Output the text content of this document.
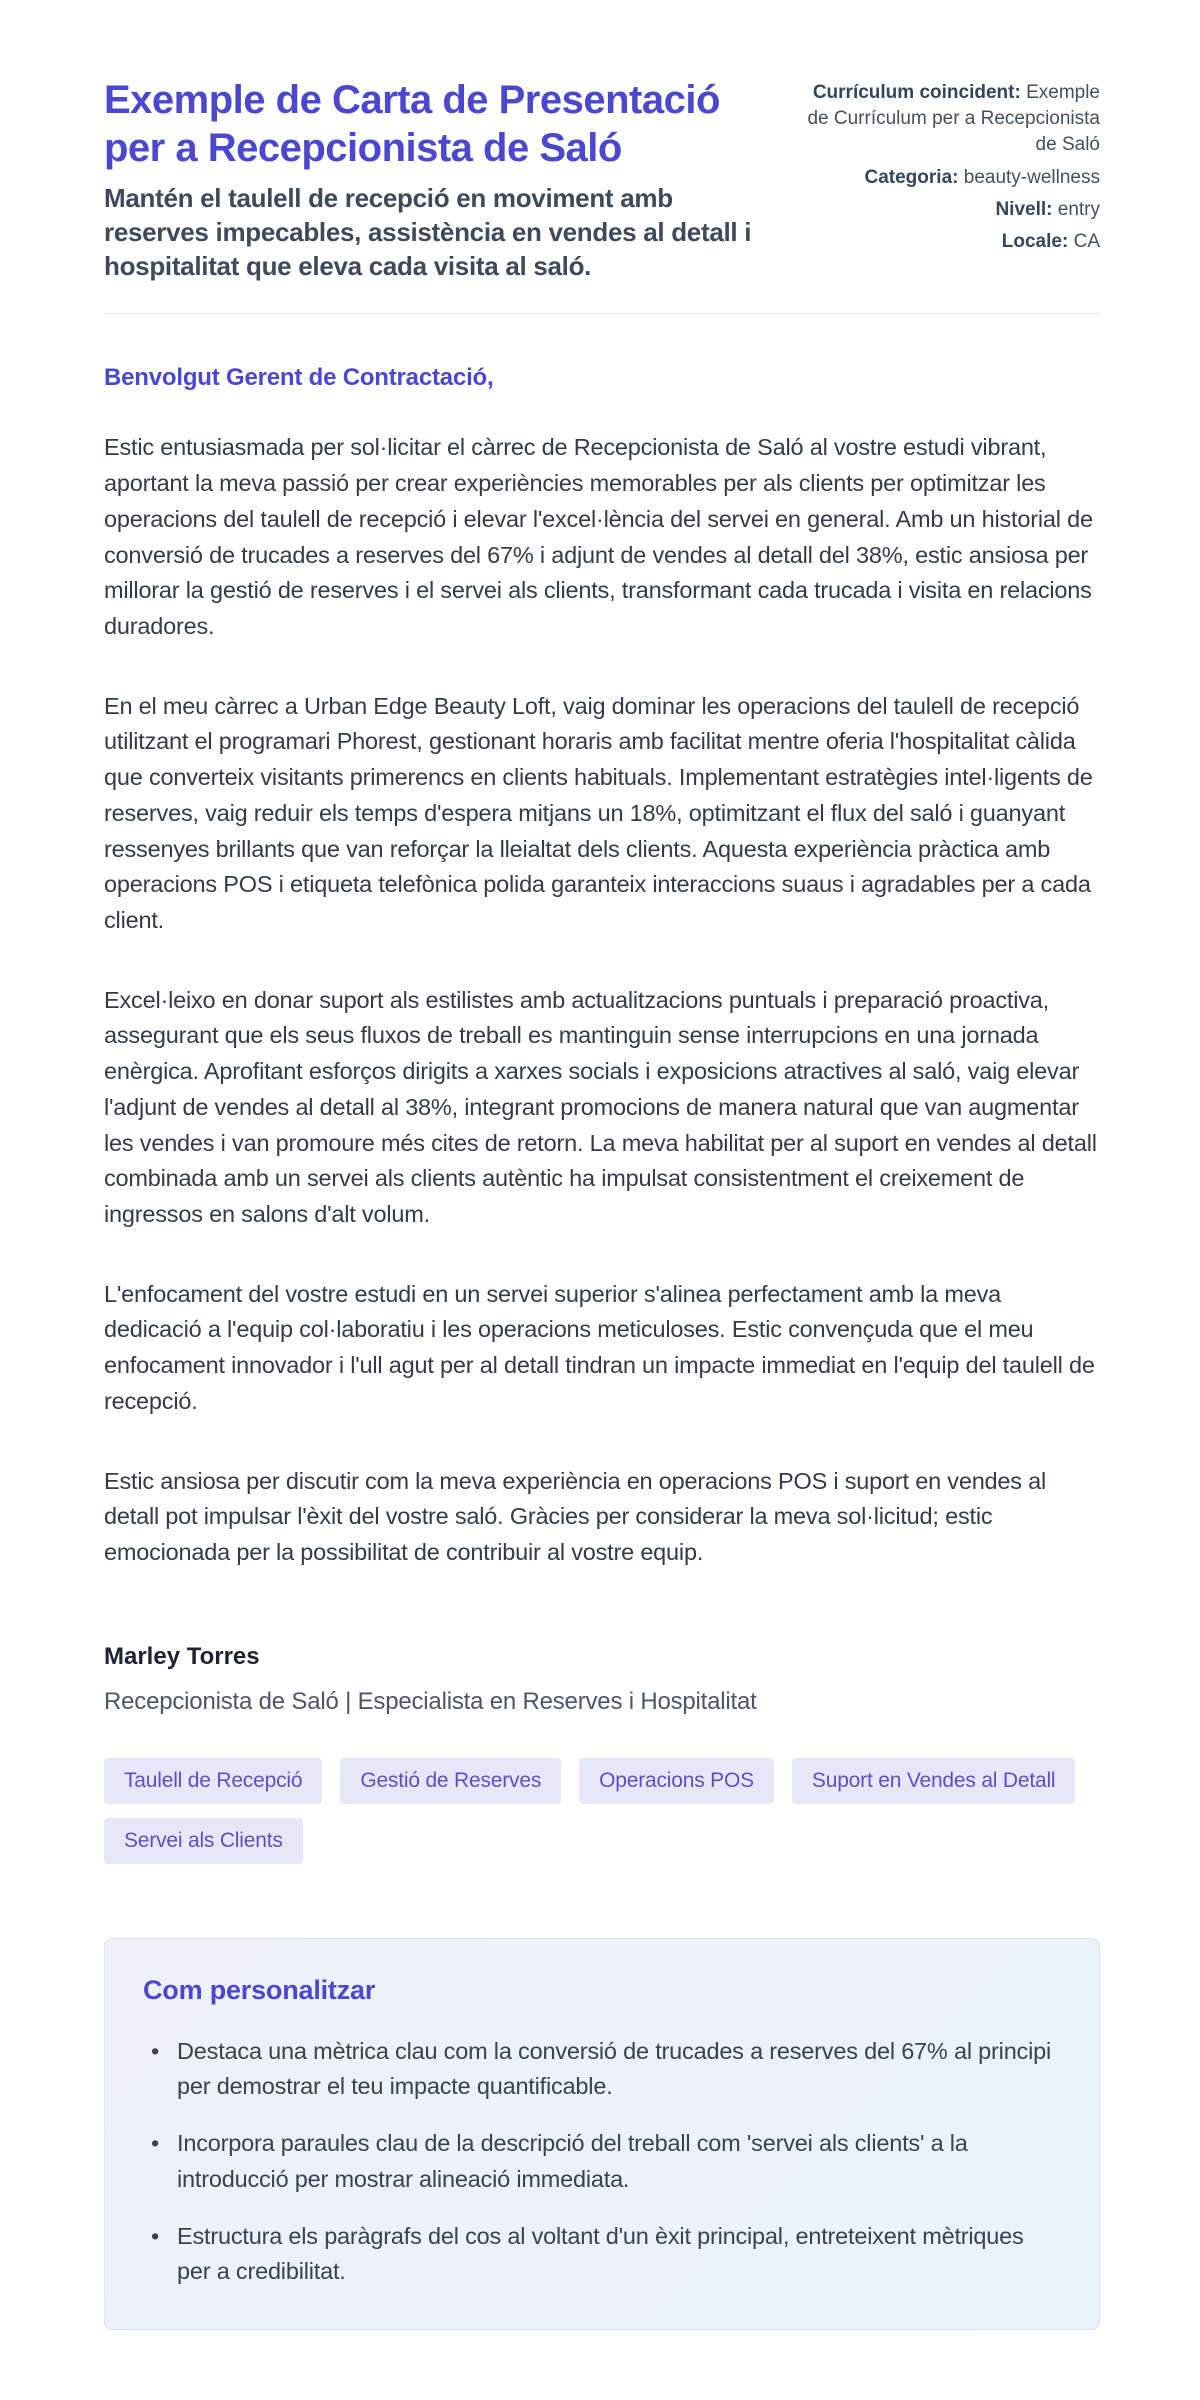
Exemple de Carta de Presentació per a Recepcionista de Saló
Mantén el taulell de recepció en moviment amb reserves impecables, assistència en vendes al detall i hospitalitat que eleva cada visita al saló.
Currículum coincident: Exemple de Currículum per a Recepcionista de Saló
Categoria: beauty-wellness
Nivell: entry
Locale: CA

Benvolgut Gerent de Contractació,

Estic entusiasmada per sol·licitar el càrrec de Recepcionista de Saló al vostre estudi vibrant, aportant la meva passió per crear experiències memorables per als clients per optimitzar les operacions del taulell de recepció i elevar l'excel·lència del servei en general. Amb un historial de conversió de trucades a reserves del 67% i adjunt de vendes al detall del 38%, estic ansiosa per millorar la gestió de reserves i el servei als clients, transformant cada trucada i visita en relacions duradores.

En el meu càrrec a Urban Edge Beauty Loft, vaig dominar les operacions del taulell de recepció utilitzant el programari Phorest, gestionant horaris amb facilitat mentre oferia l'hospitalitat càlida que converteix visitants primerencs en clients habituals. Implementant estratègies intel·ligents de reserves, vaig reduir els temps d'espera mitjans un 18%, optimitzant el flux del saló i guanyant ressenyes brillants que van reforçar la lleialtat dels clients. Aquesta experiència pràctica amb operacions POS i etiqueta telefònica polida garanteix interaccions suaus i agradables per a cada client.

Excel·leixo en donar suport als estilistes amb actualitzacions puntuals i preparació proactiva, assegurant que els seus fluxos de treball es mantinguin sense interrupcions en una jornada enèrgica. Aprofitant esforços dirigits a xarxes socials i exposicions atractives al saló, vaig elevar l'adjunt de vendes al detall al 38%, integrant promocions de manera natural que van augmentar les vendes i van promoure més cites de retorn. La meva habilitat per al suport en vendes al detall combinada amb un servei als clients autèntic ha impulsat consistentment el creixement de ingressos en salons d'alt volum.

L'enfocament del vostre estudi en un servei superior s'alinea perfectament amb la meva dedicació a l'equip col·laboratiu i les operacions meticuloses. Estic convençuda que el meu enfocament innovador i l'ull agut per al detall tindran un impacte immediat en l'equip del taulell de recepció.

Estic ansiosa per discutir com la meva experiència en operacions POS i suport en vendes al detall pot impulsar l'èxit del vostre saló. Gràcies per considerar la meva sol·licitud; estic emocionada per la possibilitat de contribuir al vostre equip.

Marley Torres
Recepcionista de Saló | Especialista en Reserves i Hospitalitat
Taulell de Recepció	Gestió de Reserves	Operacions POS	Suport en Vendes al Detall
Servei als Clients
Com personalitzar
• Destaca una mètrica clau com la conversió de trucades a reserves del 67% al principi per demostrar el teu impacte quantificable.
• Incorpora paraules clau de la descripció del treball com 'servei als clients' a la introducció per mostrar alineació immediata.
• Estructura els paràgrafs del cos al voltant d'un èxit principal, entreteixent mètriques per a credibilitat.
